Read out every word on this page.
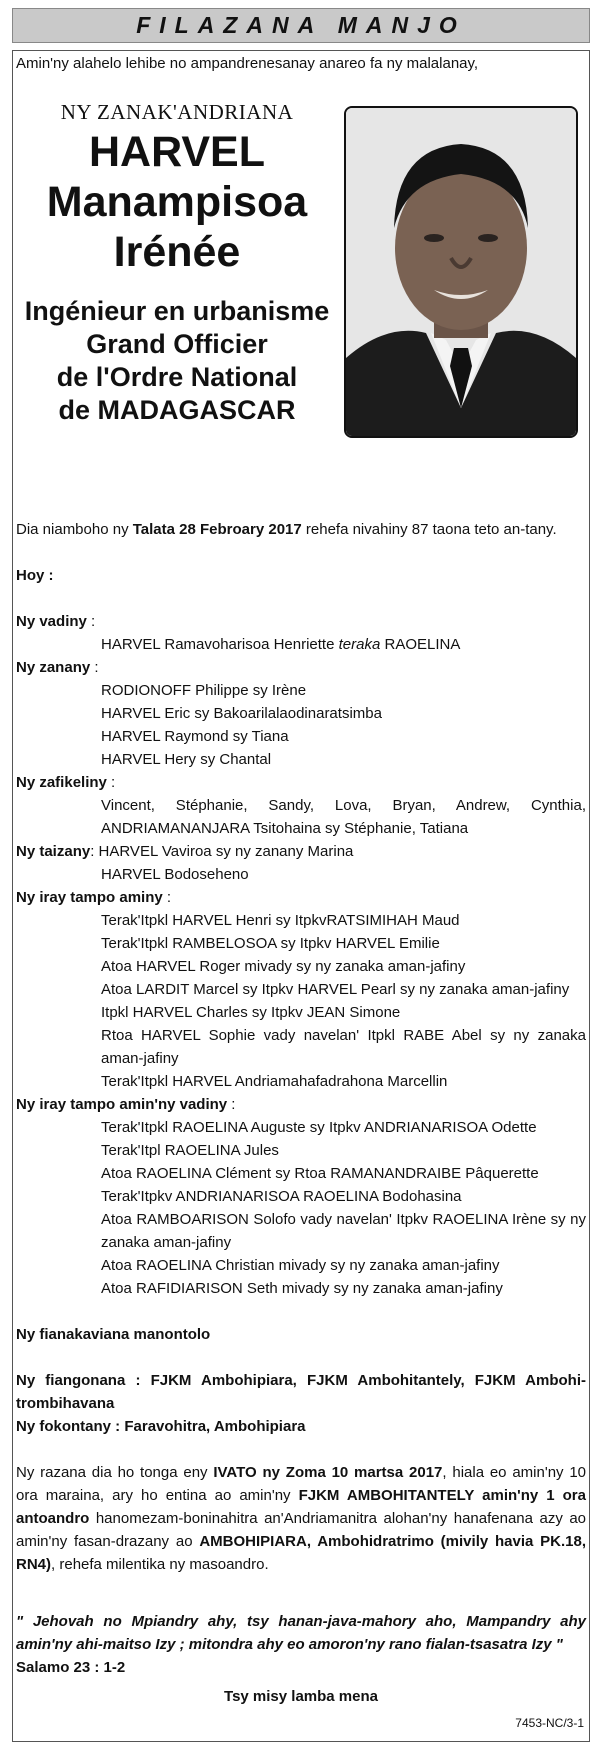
FILAZANA MANJO
Amin'ny alahelo lehibe no ampandrenesanay anareo fa ny malalanay,
NY ZANAK'ANDRIANA
HARVEL
Manampisoa
Irénée
Ingénieur en urbanisme
Grand Officier
de l'Ordre National
de MADAGASCAR

Dia niamboho ny Talata 28 Febroary 2017 rehefa nivahiny 87 taona teto an-tany.

Hoy :

Ny vadiny :

HARVEL Ramavoharisoa Henriette teraka RAOELINA

Ny zanany :

RODIONOFF Philippe sy Irène

HARVEL Eric sy Bakoarilalaodinaratsimba

HARVEL Raymond sy Tiana

HARVEL Hery sy Chantal

Ny zafikeliny :

Vincent, Stéphanie, Sandy, Lova, Bryan, Andrew, Cynthia, ANDRIAMANANJARA Tsitohaina sy Stéphanie, Tatiana

Ny taizany: HARVEL Vaviroa sy ny zanany Marina

HARVEL Bodoseheno

Ny iray tampo aminy :

Terak'Itpkl HARVEL Henri sy ItpkvRATSIMIHAH Maud

Terak'Itpkl RAMBELOSOA sy Itpkv HARVEL Emilie

Atoa HARVEL Roger mivady sy ny zanaka aman-jafiny

Atoa LARDIT Marcel sy Itpkv HARVEL Pearl sy ny zanaka aman-jafiny

Itpkl HARVEL Charles sy Itpkv JEAN Simone

Rtoa HARVEL Sophie vady navelan' Itpkl RABE Abel sy ny zanaka aman-jafiny

Terak'Itpkl HARVEL Andriamahafadrahona Marcellin

Ny iray tampo amin'ny vadiny :

Terak'Itpkl RAOELINA Auguste sy Itpkv ANDRIANARISOA Odette

Terak'Itpl RAOELINA Jules

Atoa RAOELINA Clément sy Rtoa RAMANANDRAIBE Pâquerette

Terak'Itpkv ANDRIANARISOA RAOELINA Bodohasina

Atoa RAMBOARISON Solofo vady navelan' Itpkv RAOELINA Irène sy ny zanaka aman-jafiny

Atoa RAOELINA Christian mivady sy ny zanaka aman-jafiny

Atoa RAFIDIARISON Seth mivady sy ny zanaka aman-jafiny

Ny fianakaviana manontolo

Ny fiangonana : FJKM Ambohipiara, FJKM Ambohitantely, FJKM Ambohi-trombihavana

Ny fokontany : Faravohitra, Ambohipiara

Ny razana dia ho tonga eny IVATO ny Zoma 10 martsa 2017, hiala eo amin'ny 10 ora maraina, ary ho entina ao amin'ny FJKM AMBOHITANTELY amin'ny 1 ora antoandro hanomezam-boninahitra an'Andriamanitra alohan'ny hanafenana azy ao amin'ny fasan-drazany ao AMBOHIPIARA, Ambohidratrimo (mivily havia PK.18, RN4), rehefa milentika ny masoandro.

" Jehovah no Mpiandry ahy, tsy hanan-java-mahory aho, Mampandry ahy amin'ny ahi-maitso Izy ; mitondra ahy eo amoron'ny rano fialan-tsasatra Izy "

Salamo 23 : 1-2

Tsy misy lamba mena

7453-NC/3-1
